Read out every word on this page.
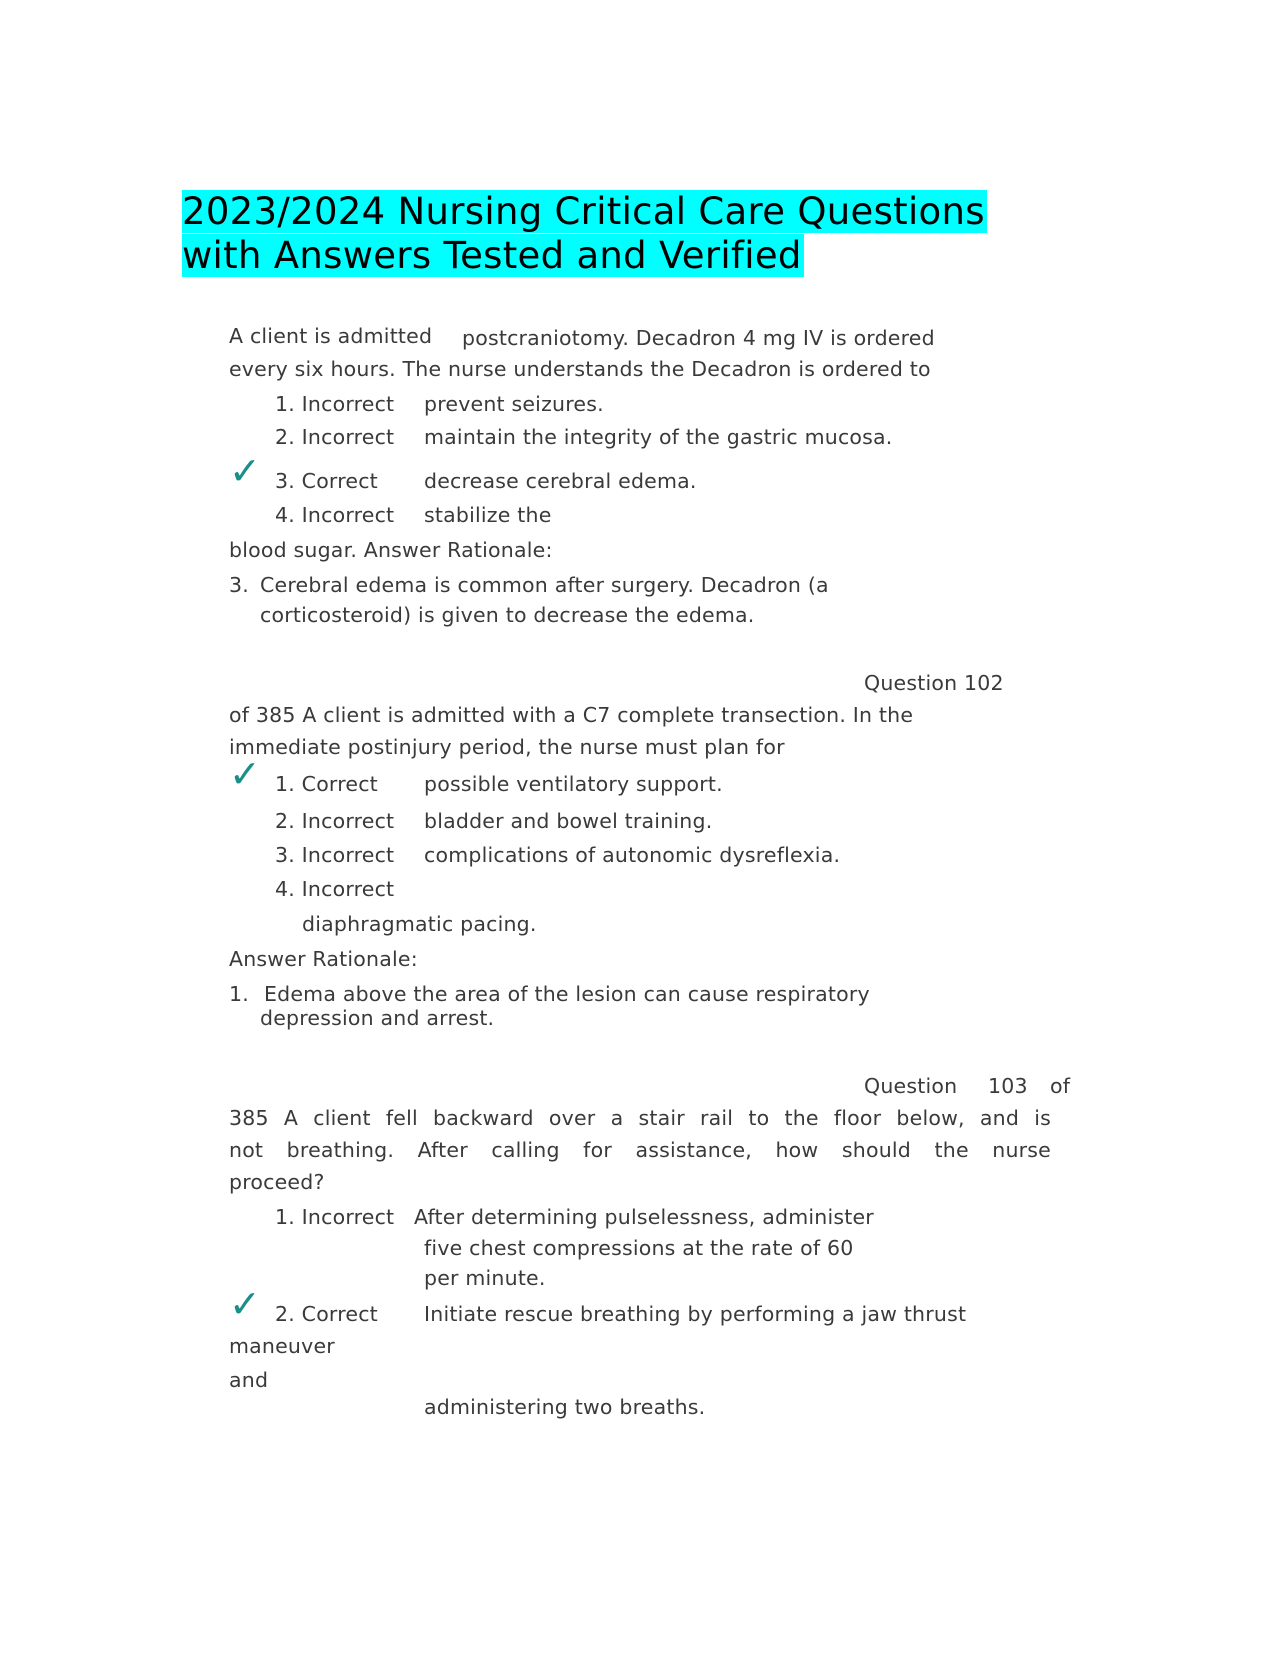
2023/2024 Nursing Critical Care Questions
with Answers Tested and Verified
A client is admitted postcraniotomy. Decadron 4 mg IV is ordered
every six hours. The nurse understands the Decadron is ordered to
1. Incorrect prevent seizures.
2. Incorrect maintain the integrity of the gastric mucosa.
✓ 3. Correct decrease cerebral edema.
4. Incorrect stabilize the
blood sugar. Answer Rationale:
3. Cerebral edema is common after surgery. Decadron (a
corticosteroid) is given to decrease the edema.
Question 102
of 385 A client is admitted with a C7 complete transection. In the
immediate postinjury period, the nurse must plan for
✓ 1. Correct possible ventilatory support.
2. Incorrect bladder and bowel training.
3. Incorrect complications of autonomic dysreflexia.
4. Incorrect
diaphragmatic pacing.
Answer Rationale:
1. Edema above the area of the lesion can cause respiratory
depression and arrest.
Question 103 of
385 A client fell backward over a stair rail to the floor below, and is
not breathing. After calling for assistance, how should the nurse
proceed?
1. Incorrect After determining pulselessness, administer
five chest compressions at the rate of 60
per minute.
✓ 2. Correct Initiate rescue breathing by performing a jaw thrust
maneuver
and
administering two breaths.
